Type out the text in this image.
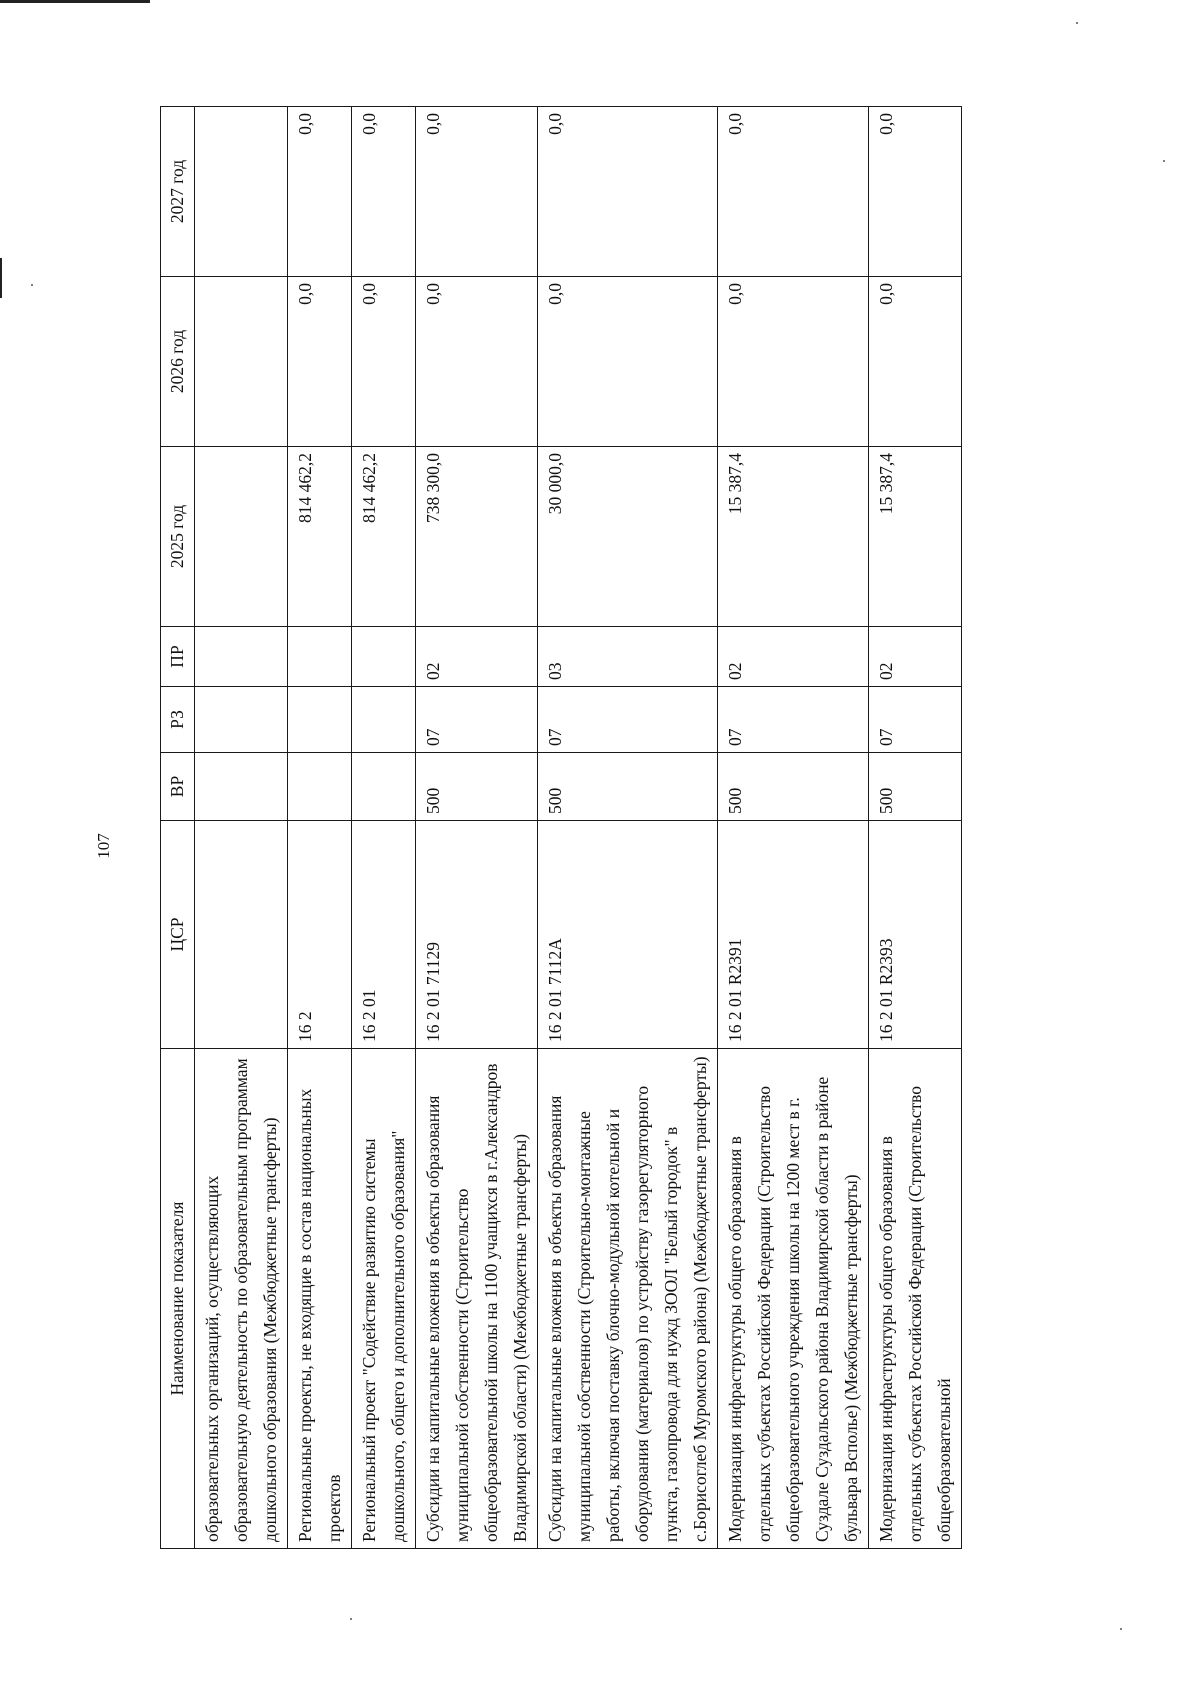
107
Наименование показателя	ЦСР	ВР	РЗ	ПР	2025 год	2026 год	2027 год
образовательных организаций, осуществляющих образовательную деятельность по образовательным программам дошкольного образования (Межбюджетные трансферты)							
Региональные проекты, не входящие в состав национальных проектов	16 2				814 462,2	0,0	0,0
Региональный проект "Содействие развитию системы дошкольного, общего и дополнительного образования"	16 2 01				814 462,2	0,0	0,0
Субсидии на капитальные вложения в объекты образования муниципальной собственности (Строительство общеобразовательной школы на 1100 учащихся в г.Александров Владимирской области) (Межбюджетные трансферты)	16 2 01 71129	500	07	02	738 300,0	0,0	0,0
Субсидии на капитальные вложения в объекты образования муниципальной собственности (Строительно-монтажные работы, включая поставку блочно-модульной котельной и оборудования (материалов) по устройству газорегуляторного пункта, газопровода для нужд ЗООЛ "Белый городок" в с.Борисоглеб Муромского района) (Межбюджетные трансферты)	16 2 01 7112А	500	07	03	30 000,0	0,0	0,0
Модернизация инфраструктуры общего образования в отдельных субъектах Российской Федерации (Строительство общеобразовательного учреждения школы на 1200 мест в г. Суздале Суздальского района Владимирской области в районе бульвара Всполье) (Межбюджетные трансферты)	16 2 01 R2391	500	07	02	15 387,4	0,0	0,0
Модернизация инфраструктуры общего образования в отдельных субъектах Российской Федерации (Строительство общеобразовательной	16 2 01 R2393	500	07	02	15 387,4	0,0	0,0
